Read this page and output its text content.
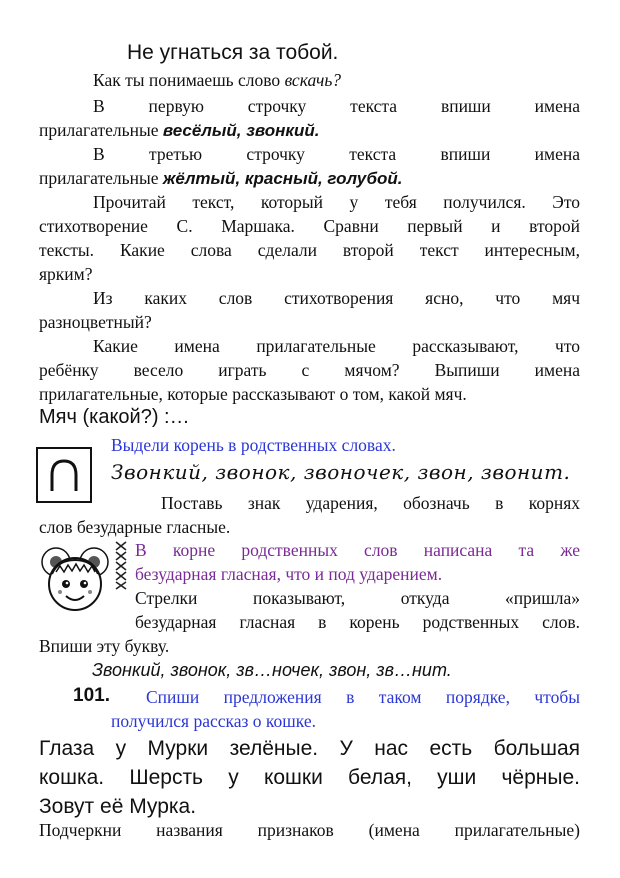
Не угнаться за тобой.
Как ты понимаешь слово вскачь?
В первую строчку текста впиши имена
прилагательные весёлый, звонкий.
В третью строчку текста впиши имена
прилагательные жёлтый, красный, голубой.
Прочитай текст, который у тебя получился. Это
стихотворение С. Маршака. Сравни первый и второй
тексты. Какие слова сделали второй текст интересным,
ярким?
Из каких слов стихотворения ясно, что мяч
разноцветный?
Какие имена прилагательные рассказывают, что
ребёнку весело играть с мячом? Выпиши имена
прилагательные, которые рассказывают о том, какой мяч.
Мяч (какой?) :…
Выдели корень в родственных словах.
Звонкий, звонок, звоночек, звон, звонит.
Поставь знак ударения, обозначь в корнях
слов безударные гласные.
В корне родственных слов написана та же
безударная гласная, что и под ударением.
Стрелки показывают, откуда «пришла»
безударная гласная в корень родственных слов.
Впиши эту букву.
Звонкий, звонок, зв…ночек, звон, зв…нит.
101. Спиши предложения в таком порядке, чтобы
получился рассказ о кошке.
Глаза у Мурки зелёные. У нас есть большая
кошка. Шерсть у кошки белая, уши чёрные.
Зовут её Мурка.
Подчеркни названия признаков (имена прилагательные)
